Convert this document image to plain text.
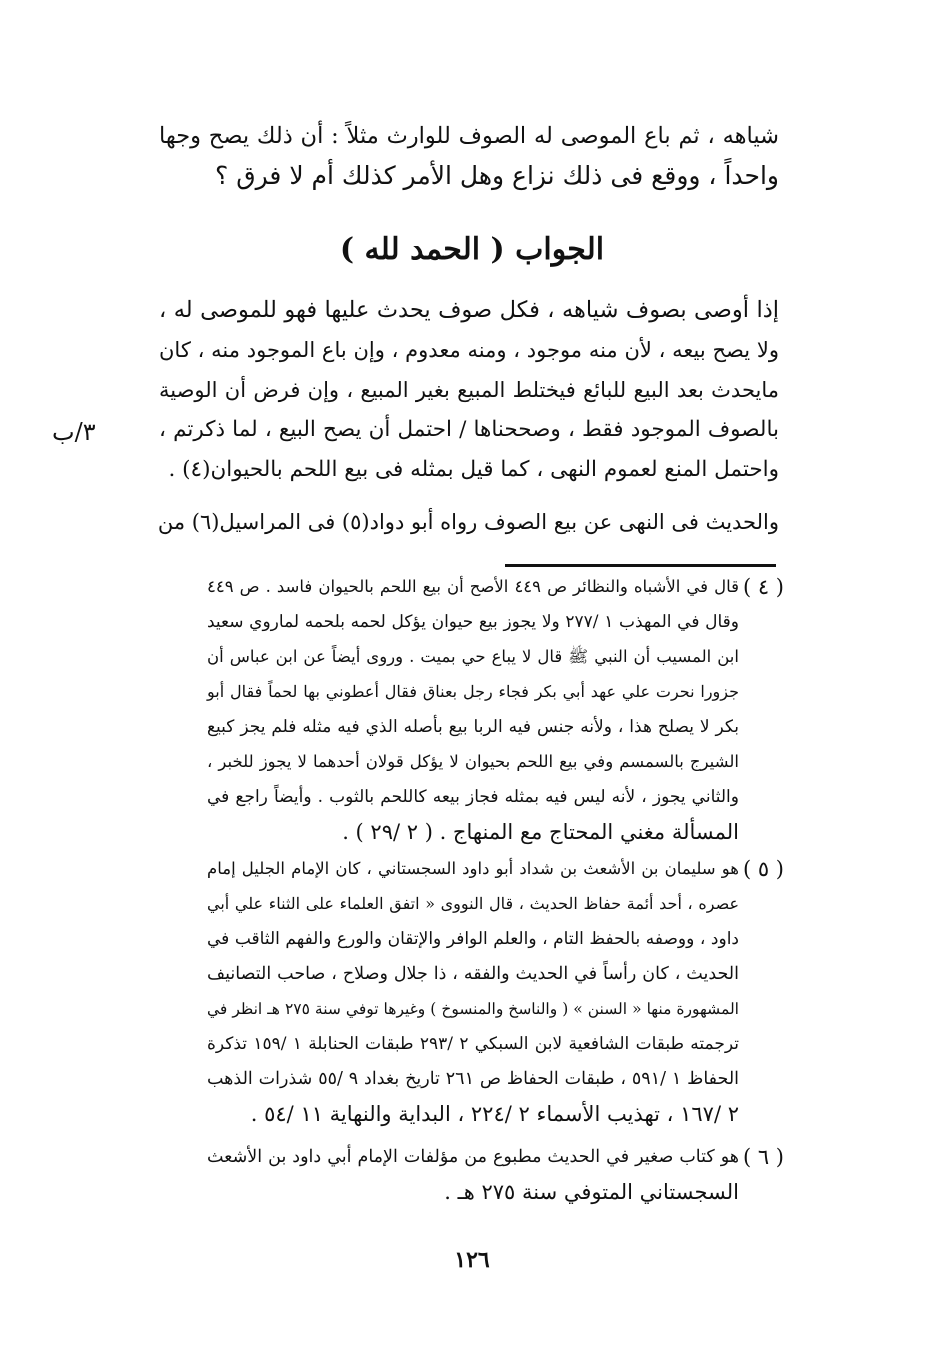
شياهه ، ثم باع الموصى له الصوف للوارث مثلاً : أن ذلك يصح وجها
واحداً ، ووقع فى ذلك نزاع وهل الأمر كذلك أم لا فرق ؟
الجواب ( الحمد لله )
إذا أوصى بصوف شياهه ، فكل صوف يحدث عليها فهو للموصى له ،
ولا يصح بيعه ، لأن منه موجود ، ومنه معدوم ، وإن باع الموجود منه ، كان
مايحدث بعد البيع للبائع فيختلط المبيع بغير المبيع ، وإن فرض أن الوصية
بالصوف الموجود فقط ، وصححناها / احتمل أن يصح البيع ، لما ذكرتم ،
واحتمل المنع لعموم النهى ، كما قيل بمثله فى بيع اللحم بالحيوان(٤) .
والحديث فى النهى عن بيع الصوف رواه أبو دواد(٥) فى المراسيل(٦) من
٣/ب
( ٤ )
قال في الأشباه والنظائر ص ٤٤٩ الأصح أن بيع اللحم بالحيوان فاسد . ص ٤٤٩
وقال في المهذب ١ /٢٧٧ ولا يجوز بيع حيوان يؤكل لحمه بلحمه لماروي سعيد
ابن المسيب أن النبي ﷺ قال لا يباع حي بميت . وروى أيضاً عن ابن عباس أن
جزورا نحرت علي عهد أبي بكر فجاء رجل بعناق فقال أعطوني بها لحماً فقال أبو
بكر لا يصلح هذا ، ولأنه جنس فيه الربا بيع بأصله الذي فيه مثله فلم يجز كبيع
الشيرج بالسمسم وفي بيع اللحم بحيوان لا يؤكل قولان أحدهما لا يجوز للخبر ،
والثاني يجوز ، لأنه ليس فيه بمثله فجاز بيعه كاللحم بالثوب . وأيضاً راجع في
المسألة مغني المحتاج مع المنهاج . ( ٢ /٢٩ ) .
( ٥ )
هو سليمان بن الأشعث بن شداد أبو داود السجستاني ، كان الإمام الجليل إمام
عصره ، أحد أئمة حفاظ الحديث ، قال النووى « اتفق العلماء على الثناء علي أبي
داود ، ووصفه بالحفظ التام ، والعلم الوافر والإتقان والورع والفهم الثاقب في
الحديث ، كان رأساً في الحديث والفقه ، ذا جلال وصلاح ، صاحب التصانيف
المشهورة منها « السنن » ( والناسخ والمنسوخ ) وغيرها توفي سنة ٢٧٥ هـ انظر في
ترجمته طبقات الشافعية لابن السبكي ٢ /٢٩٣ طبقات الحنابلة ١ /١٥٩ تذكرة
الحفاظ ١ /٥٩١ ، طبقات الحفاظ ص ٢٦١ تاريخ بغداد ٩ /٥٥ شذرات الذهب
٢ /١٦٧ ، تهذيب الأسماء ٢ /٢٢٤ ، البداية والنهاية ١١ /٥٤ .
( ٦ )
هو كتاب صغير في الحديث مطبوع من مؤلفات الإمام أبي داود بن الأشعث
السجستاني المتوفي سنة ٢٧٥ هـ .
١٢٦
